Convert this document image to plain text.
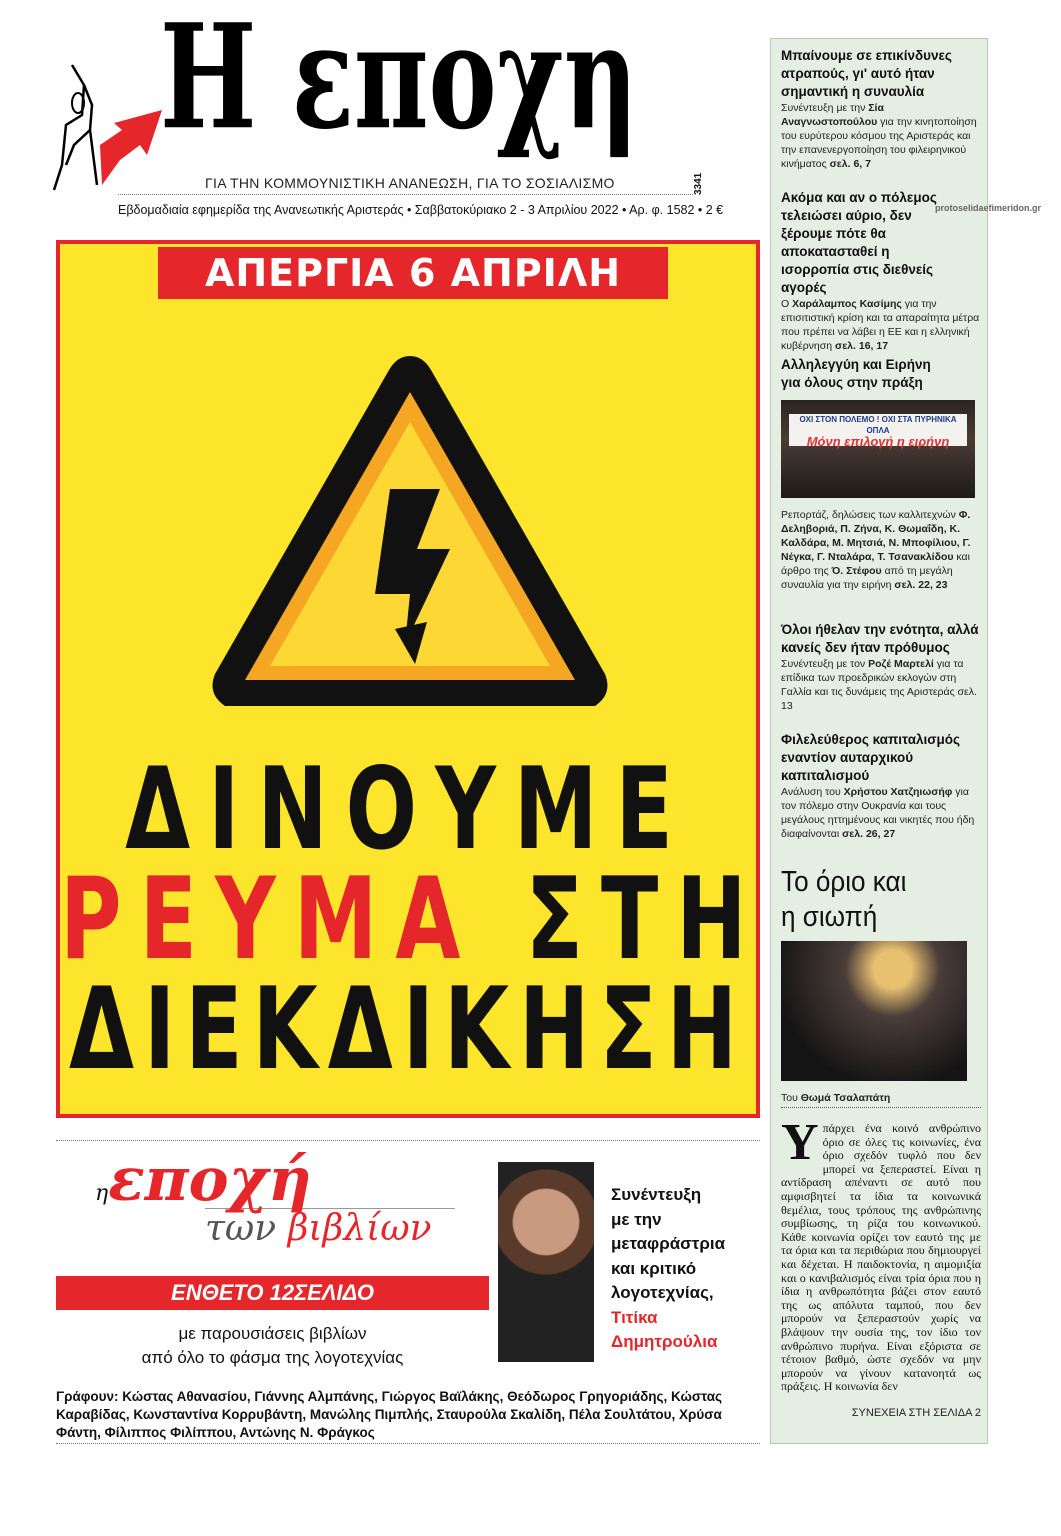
Η εποχη
ΓΙΑ ΤΗΝ ΚΟΜΜΟΥΝΙΣΤΙΚΗ ΑΝΑΝΕΩΣΗ, ΓΙΑ ΤΟ ΣΟΣΙΑΛΙΣΜΟ	3341
Εβδομαδιαία εφημερίδα της Ανανεωτικής Αριστεράς • Σαββατοκύριακο 2 - 3 Απριλίου 2022 • Αρ. φ. 1582 • 2 €	protoselidaefimeridon.gr
ΑΠΕΡΓΙΑ 6 ΑΠΡΙΛΗ
ΔΙΝΟΥΜΕ
ΡΕΥΜΑ ΣΤΗ
ΔΙΕΚΔΙΚΗΣΗ
Μπαίνουμε σε επικίνδυνες ατραπούς, γι' αυτό ήταν σημαντική η συναυλία
Συνέντευξη με την Σία Αναγνωστοπούλου για την κινητοποίηση του ευρύτερου κόσμου της Αριστεράς και την επανενεργοποίηση του φιλειρηνικού κινήματος σελ. 6, 7
Ακόμα και αν ο πόλεμος τελειώσει αύριο, δεν ξέρουμε πότε θα αποκατασταθεί η ισορροπία στις διεθνείς αγορές
Ο Χαράλαμπος Κασίμης για την επισιτιστική κρίση και τα απαραίτητα μέτρα που πρέπει να λάβει η ΕΕ και η ελληνική κυβέρνηση σελ. 16, 17
Αλληλεγγύη και Ειρήνη για όλους στην πράξη
ΟΧΙ ΣΤΟΝ ΠΟΛΕΜΟ ! ΟΧΙ ΣΤΑ ΠΥΡΗΝΙΚΑ ΟΠΛΑ
Μόνη επιλογή η ειρήνη
Ρεπορτάζ, δηλώσεις των καλλιτεχνών Φ. Δεληβοριά, Π. Ζήνα, Κ. Θωμαΐδη, Κ. Καλδάρα, Μ. Μητσιά, Ν. Μποφίλιου, Γ. Νέγκα, Γ. Νταλάρα, Τ. Τσανακλίδου και άρθρο της Ό. Στέφου από τη μεγάλη συναυλία για την ειρήνη σελ. 22, 23
Όλοι ήθελαν την ενότητα, αλλά κανείς δεν ήταν πρόθυμος
Συνέντευξη με τον Ροζέ Μαρτελί για τα επίδικα των προεδρικών εκλογών στη Γαλλία και τις δυνάμεις της Αριστεράς σελ. 13
Φιλελεύθερος καπιταλισμός εναντίον αυταρχικού καπιταλισμού
Ανάλυση του Χρήστου Χατζηιωσήφ για τον πόλεμο στην Ουκρανία και τους μεγάλους ηττημένους και νικητές που ήδη διαφαίνονται σελ. 26, 27
Το όριο και η σιωπή
Του Θωμά Τσαλαπάτη
Υπάρχει ένα κοινό ανθρώπινο όριο σε όλες τις κοινωνίες, ένα όριο σχεδόν τυφλό που δεν μπορεί να ξεπεραστεί. Είναι η αντίδραση απέναντι σε αυτό που αμφισβητεί τα ίδια τα κοινωνικά θεμέλια, τους τρόπους της ανθρώπινης συμβίωσης, τη ρίζα του κοινωνικού. Κάθε κοινωνία ορίζει τον εαυτό της με τα όρια και τα περιθώρια που δημιουργεί και δέχεται. Η παιδοκτονία, η αιμομιξία και ο κανιβαλισμός είναι τρία όρια που η ίδια η ανθρωπότητα βάζει στον εαυτό της ως απόλυτα ταμπού, που δεν μπορούν να ξεπεραστούν χωρίς να βλάψουν την ουσία της, τον ίδιο τον ανθρώπινο πυρήνα. Είναι εξόριστα σε τέτοιον βαθμό, ώστε σχεδόν να μην μπορούν να γίνουν κατανοητά ως πράξεις. Η κοινωνία δεν
ΣΥΝΕΧΕΙΑ ΣΤΗ ΣΕΛΙΔΑ 2
ηεποχή
των βιβλίων
ΕΝΘΕΤΟ 12ΣΕΛΙΔΟ
με παρουσιάσεις βιβλίων
από όλο το φάσμα της λογοτεχνίας
Συνέντευξη
με την
μεταφράστρια
και κριτικό
λογοτεχνίας,
Τιτίκα
Δημητρούλια
Γράφουν: Κώστας Αθανασίου, Γιάννης Αλμπάνης, Γιώργος Βαϊλάκης, Θεόδωρος Γρηγοριάδης, Κώστας Καραβίδας, Κωνσταντίνα Κορρυβάντη, Μανώλης Πιμπλής, Σταυρούλα Σκαλίδη, Πέλα Σουλτάτου, Χρύσα Φάντη, Φίλιππος Φιλίππου, Αντώνης Ν. Φράγκος
